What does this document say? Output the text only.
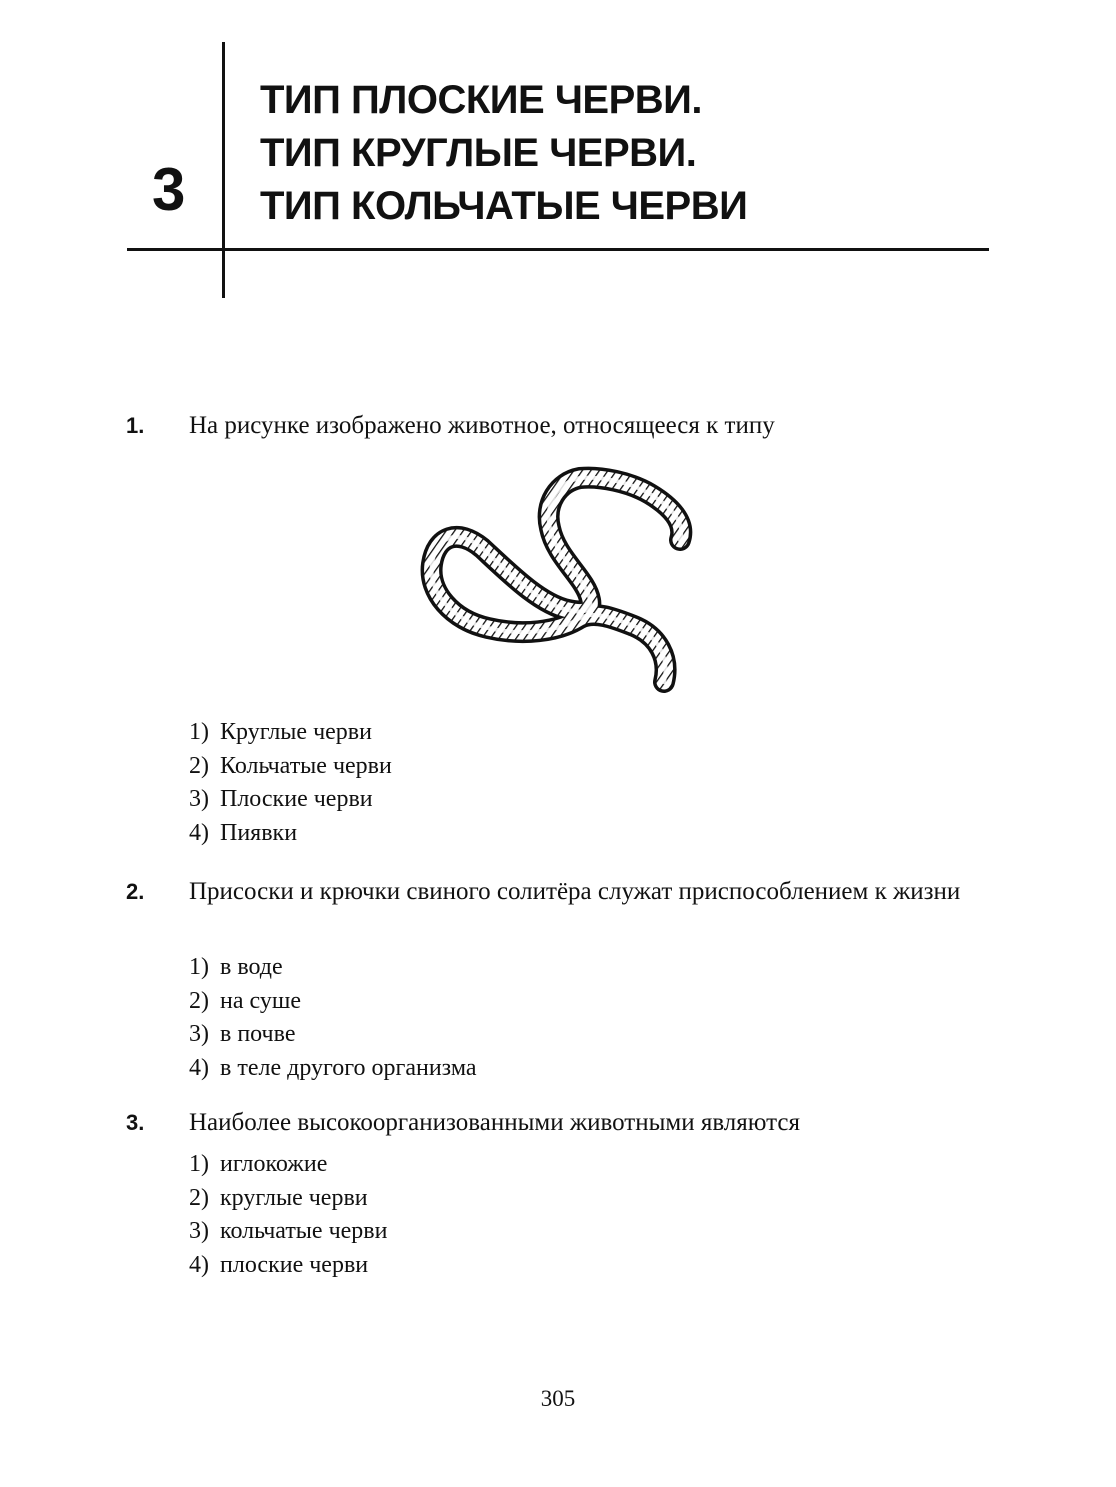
3
ТИП ПЛОСКИЕ ЧЕРВИ.
ТИП КРУГЛЫЕ ЧЕРВИ.
ТИП КОЛЬЧАТЫЕ ЧЕРВИ
1. На рисунке изображено животное, относящееся к типу
1) Круглые черви
2) Кольчатые черви
3) Плоские черви
4) Пиявки
2. Присоски и крючки свиного солитёра служат приспособлением к жизни
1) в воде
2) на суше
3) в почве
4) в теле другого организма
3. Наиболее высокоорганизованными животными являются
1) иглокожие
2) круглые черви
3) кольчатые черви
4) плоские черви
305
